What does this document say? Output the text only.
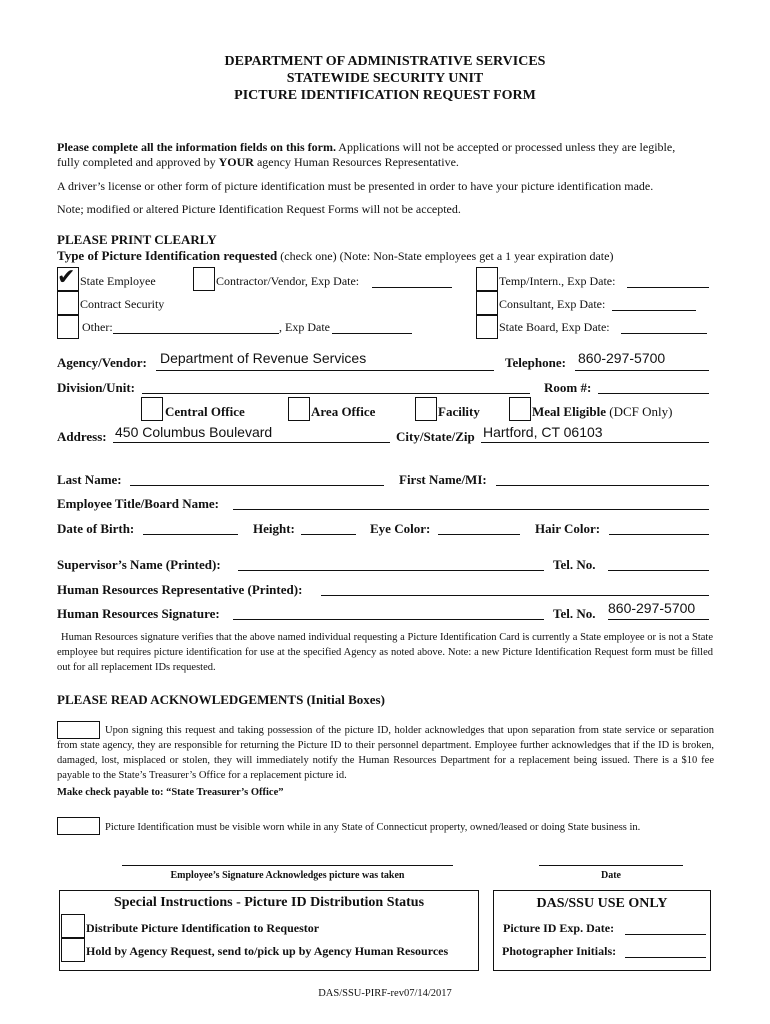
DEPARTMENT OF ADMINISTRATIVE SERVICES
STATEWIDE SECURITY UNIT
PICTURE IDENTIFICATION REQUEST FORM
Please complete all the information fields on this form. Applications will not be accepted or processed unless they are legible,
fully completed and approved by YOUR agency Human Resources Representative.
A driver’s license or other form of picture identification must be presented in order to have your picture identification made.
Note; modified or altered Picture Identification Request Forms will not be accepted.
PLEASE PRINT CLEARLY
Type of Picture Identification requested (check one) (Note: Non-State employees get a 1 year expiration date)
✔ State Employee	Contractor/Vendor, Exp Date:	Temp/Intern., Exp Date:
Contract Security	Consultant, Exp Date:
Other:	, Exp Date	State Board, Exp Date:
Agency/Vendor: Department of Revenue Services	Telephone: 860-297-5700
Division/Unit:	Room #:
Central Office	Area Office	Facility	Meal Eligible (DCF Only)
Address: 450 Columbus Boulevard	City/State/Zip Hartford, CT 06103
Last Name:	First Name/MI:
Employee Title/Board Name:
Date of Birth:	Height:	Eye Color:	Hair Color:
Supervisor’s Name (Printed):	Tel. No.
Human Resources Representative (Printed):
Human Resources Signature:	Tel. No. 860-297-5700
Human Resources signature verifies that the above named individual requesting a Picture Identification Card is currently a State employee or is not a State employee but requires picture identification for use at the specified Agency as noted above. Note: a new Picture Identification Request form must be filled out for all replacement IDs requested.
PLEASE READ ACKNOWLEDGEMENTS (Initial Boxes)
Upon signing this request and taking possession of the picture ID, holder acknowledges that upon separation from state service or separation from state agency, they are responsible for returning the Picture ID to their personnel department. Employee further acknowledges that if the ID is broken, damaged, lost, misplaced or stolen, they will immediately notify the Human Resources Department for a replacement being issued. There is a $10 fee payable to the State’s Treasurer’s Office for a replacement picture id.
Make check payable to: “State Treasurer’s Office”
Picture Identification must be visible worn while in any State of Connecticut property, owned/leased or doing State business in.
Employee’s Signature Acknowledges picture was taken	Date
Special Instructions - Picture ID Distribution Status
Distribute Picture Identification to Requestor
Hold by Agency Request, send to/pick up by Agency Human Resources
DAS/SSU USE ONLY
Picture ID Exp. Date:
Photographer Initials:
DAS/SSU-PIRF-rev07/14/2017
